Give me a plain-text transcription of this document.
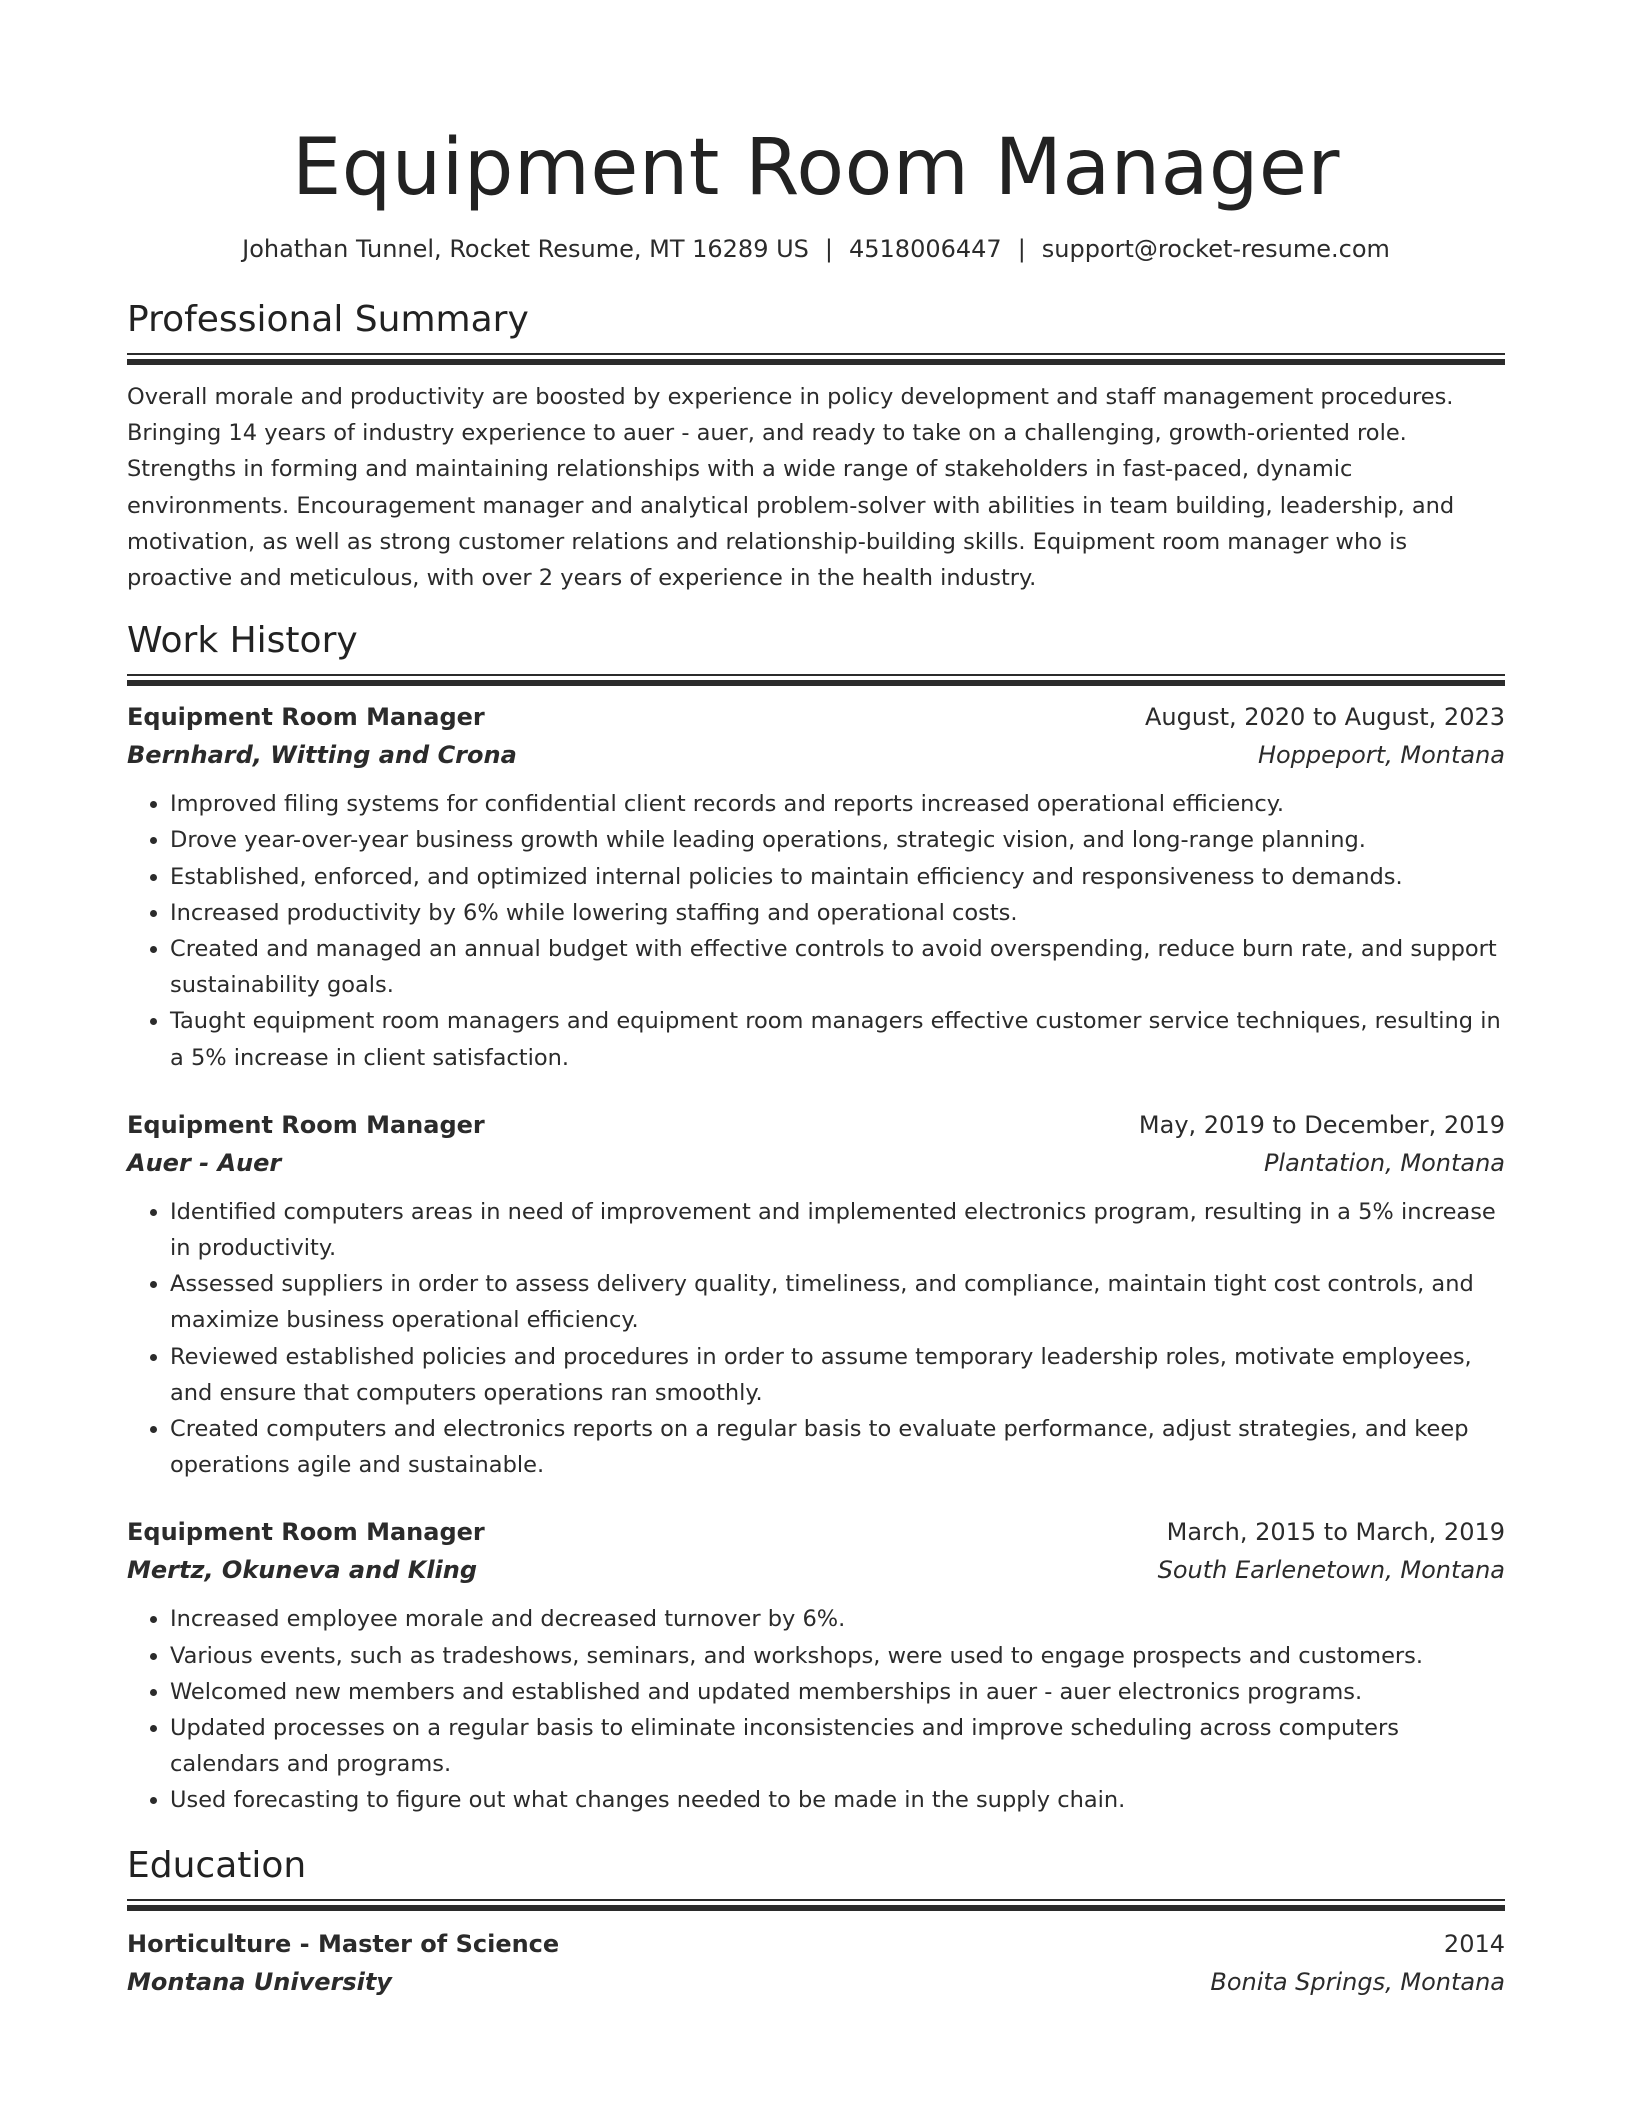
Equipment Room Manager
Johathan Tunnel, Rocket Resume, MT 16289 US | 4518006447 | support@rocket-resume.com
Professional Summary
Overall morale and productivity are boosted by experience in policy development and staff management procedures. Bringing 14 years of industry experience to auer - auer, and ready to take on a challenging, growth-oriented role. Strengths in forming and maintaining relationships with a wide range of stakeholders in fast-paced, dynamic environments. Encouragement manager and analytical problem-solver with abilities in team building, leadership, and motivation, as well as strong customer relations and relationship-building skills. Equipment room manager who is proactive and meticulous, with over 2 years of experience in the health industry.
Work History
Equipment Room Manager	August, 2020 to August, 2023
Bernhard, Witting and Crona	Hoppeport, Montana
• Improved filing systems for confidential client records and reports increased operational efficiency.
• Drove year-over-year business growth while leading operations, strategic vision, and long-range planning.
• Established, enforced, and optimized internal policies to maintain efficiency and responsiveness to demands.
• Increased productivity by 6% while lowering staffing and operational costs.
• Created and managed an annual budget with effective controls to avoid overspending, reduce burn rate, and support sustainability goals.
• Taught equipment room managers and equipment room managers effective customer service techniques, resulting in a 5% increase in client satisfaction.
Equipment Room Manager	May, 2019 to December, 2019
Auer - Auer	Plantation, Montana
• Identified computers areas in need of improvement and implemented electronics program, resulting in a 5% increase in productivity.
• Assessed suppliers in order to assess delivery quality, timeliness, and compliance, maintain tight cost controls, and maximize business operational efficiency.
• Reviewed established policies and procedures in order to assume temporary leadership roles, motivate employees, and ensure that computers operations ran smoothly.
• Created computers and electronics reports on a regular basis to evaluate performance, adjust strategies, and keep operations agile and sustainable.
Equipment Room Manager	March, 2015 to March, 2019
Mertz, Okuneva and Kling	South Earlenetown, Montana
• Increased employee morale and decreased turnover by 6%.
• Various events, such as tradeshows, seminars, and workshops, were used to engage prospects and customers.
• Welcomed new members and established and updated memberships in auer - auer electronics programs.
• Updated processes on a regular basis to eliminate inconsistencies and improve scheduling across computers calendars and programs.
• Used forecasting to figure out what changes needed to be made in the supply chain.
Education
Horticulture - Master of Science	2014
Montana University	Bonita Springs, Montana
